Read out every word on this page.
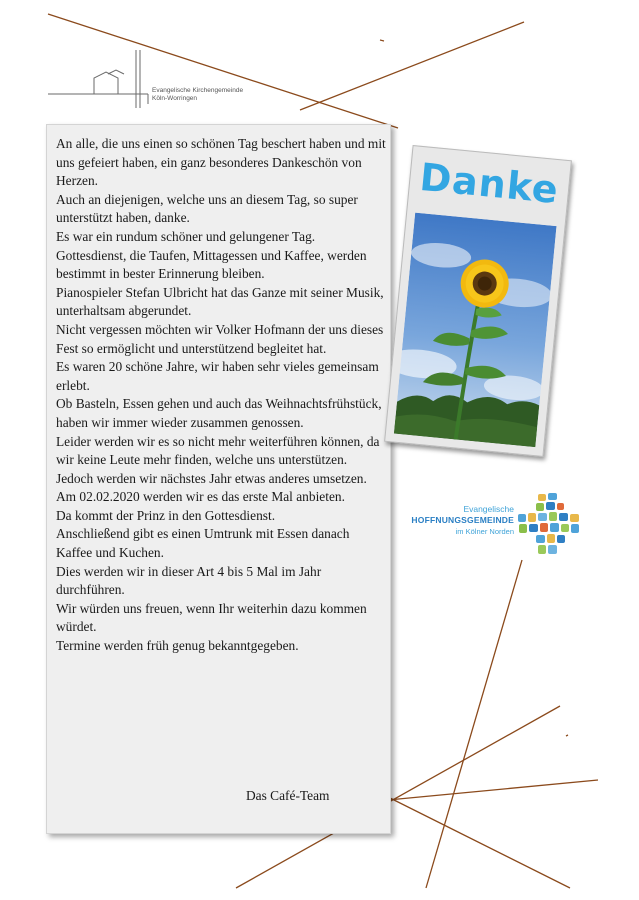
Evangelische Kirchengemeinde
Köln-Worringen

An alle, die uns einen so schönen Tag beschert haben und mit uns gefeiert haben, ein ganz besonderes Dankeschön von Herzen.

Auch an diejenigen, welche uns an diesem Tag, so super unterstützt haben, danke.

Es war ein rundum schöner und gelungener Tag. Gottesdienst, die Taufen, Mittagessen und Kaffee, werden bestimmt in bester Erinnerung bleiben.

Pianospieler Stefan Ulbricht hat das Ganze mit seiner Musik, unterhaltsam abgerundet.

Nicht vergessen möchten wir Volker Hofmann der uns dieses Fest so ermöglicht und unterstützend begleitet hat.

Es waren 20 schöne Jahre, wir haben sehr vieles gemeinsam erlebt.

Ob Basteln, Essen gehen und auch das Weihnachtsfrühstück, haben wir immer wieder zusammen genossen.

Leider werden wir es so nicht mehr weiterführen können, da wir keine Leute mehr finden, welche uns unterstützen.

Jedoch werden wir nächstes Jahr etwas anderes umsetzen.

Am 02.02.2020 werden wir es das erste Mal anbieten.

Da kommt der Prinz in den Gottesdienst.

Anschließend gibt es einen Umtrunk mit Essen danach Kaffee und Kuchen.

Dies werden wir in dieser Art 4 bis 5 Mal im Jahr durchführen.

Wir würden uns freuen, wenn Ihr weiterhin dazu kommen würdet.

Termine werden früh genug bekanntgegeben.

Das Café-Team
Danke
Evangelische
HOFFNUNGSGEMEINDE
im Kölner Norden
